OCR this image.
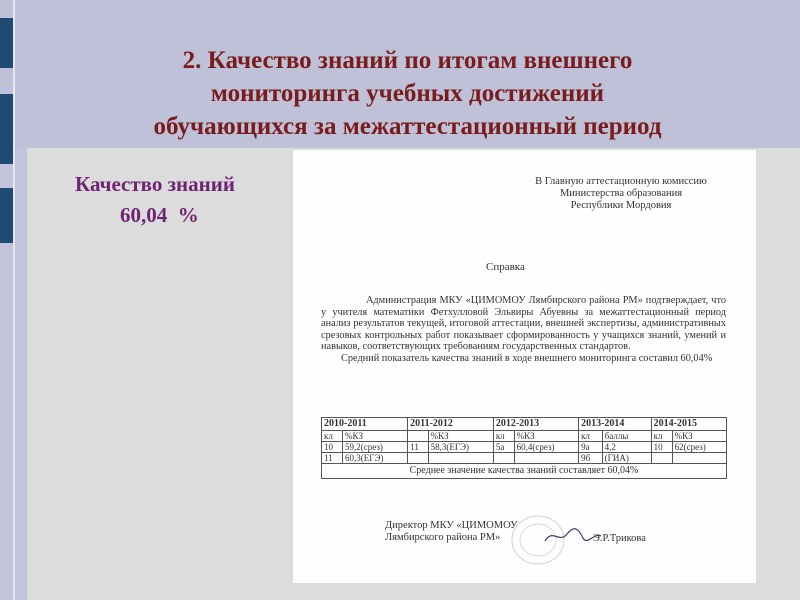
2. Качество знаний по итогам внешнего
мониторинга учебных достижений
обучающихся за межаттестационный период
Качество знаний
60,04  %
В Главную аттестационную комиссию
Министерства образования
Республики Мордовия
Справка

Администрация МКУ «ЦИМОМОУ Лямбирского района РМ» подтверждает, что у учителя математики Фетхулловой Эльвиры Абуевны за межаттестационный период анализ результатов текущей, итоговой аттестации, внешней экспертизы, административных срезовых контрольных работ показывает сформированность у учащихся знаний, умений и навыков, соответствующих требованиям государственных стандартов.

Средний показатель качества знаний в ходе внешнего мониторинга составил 60,04%

2010-2011		2011-2012		2012-2013		2013-2014		2014-2015	
кл	%КЗ		%КЗ	кл	%КЗ	кл	баллы	кл	%КЗ
10	59,2(срез)	11	58,3(ЕГЭ)	5а	60,4(срез)	9а	4,2	10	62(срез)
11	60,3(ЕГЭ)					9б	(ГИА)		
Среднее значение качества знаний составляет 60,04%									
Директор МКУ «ЦИМОМОУ
Лямбирского района РМ»	Э.Р.Трикова
